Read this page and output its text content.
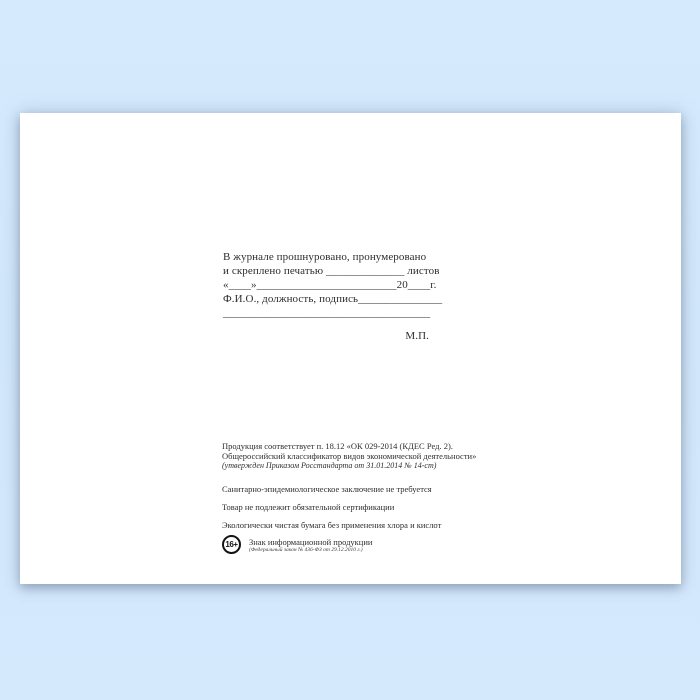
В журнале прошнуровано, пронумеровано
и скреплено печатью ______________ листов
«____»_________________________20____г.
Ф.И.О., должность, подпись_______________
_____________________________________
М.П.
Продукция соответствует п. 18.12 «ОК 029-2014 (КДЕС Ред. 2).
Общероссийский классификатор видов экономической деятельности»
(утвержден Приказом Росстандарта от 31.01.2014 № 14-ст)
Санитарно-эпидемиологическое заключение не требуется
Товар не подлежит обязательной сертификации
Экологически чистая бумага без применения хлора и кислот
16+	Знак информационной продукции
(Федеральный закон № 436-ФЗ от 29.12.2010 г.)
